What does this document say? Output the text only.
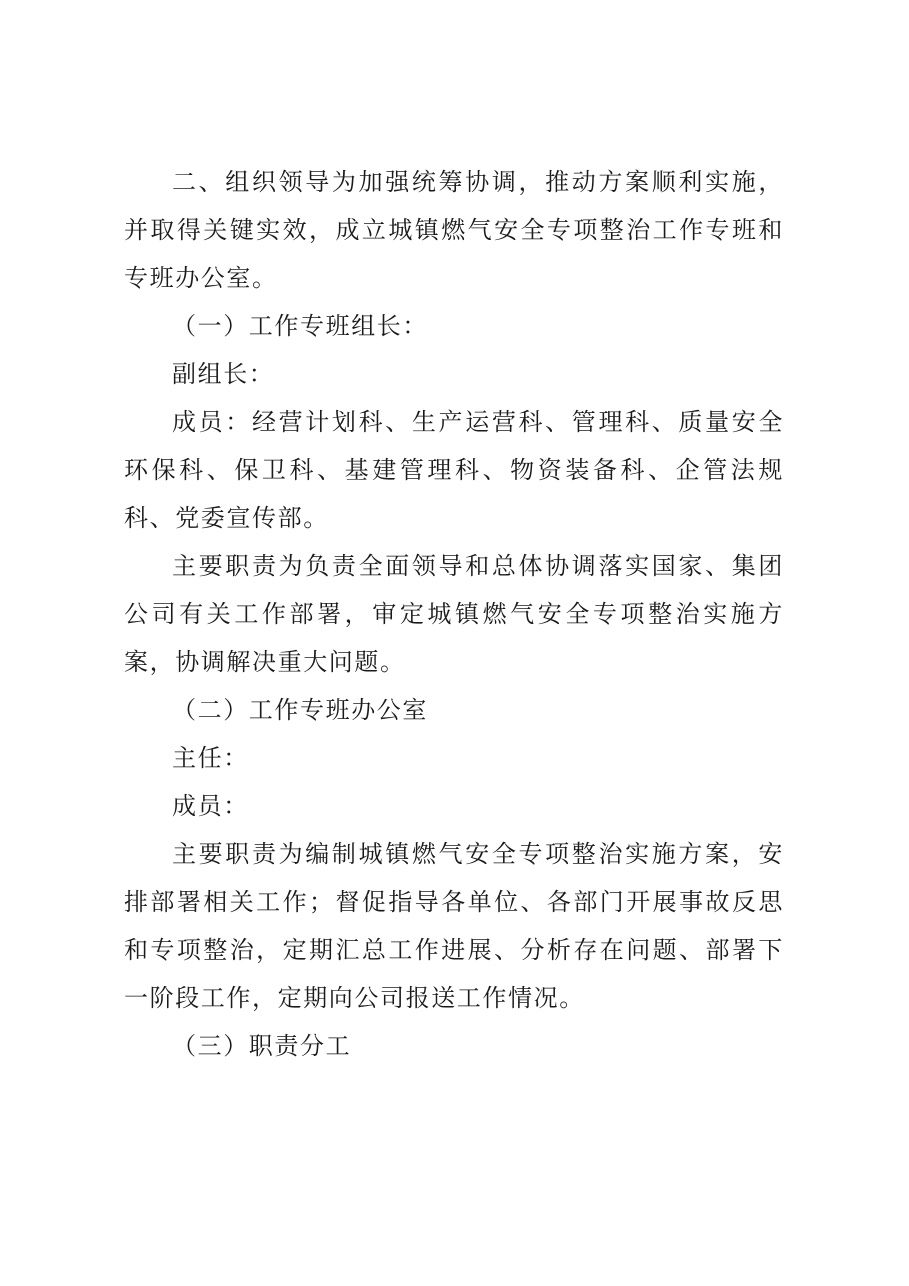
二、组织领导为加强统筹协调，推动方案顺利实施，并取得关键实效，成立城镇燃气安全专项整治工作专班和专班办公室。

（一）工作专班组长：

副组长：

成员：经营计划科、生产运营科、管理科、质量安全环保科、保卫科、基建管理科、物资装备科、企管法规科、党委宣传部。

主要职责为负责全面领导和总体协调落实国家、集团公司有关工作部署，审定城镇燃气安全专项整治实施方案，协调解决重大问题。

（二）工作专班办公室

主任：

成员：

主要职责为编制城镇燃气安全专项整治实施方案，安排部署相关工作；督促指导各单位、各部门开展事故反思和专项整治，定期汇总工作进展、分析存在问题、部署下一阶段工作，定期向公司报送工作情况。

（三）职责分工
